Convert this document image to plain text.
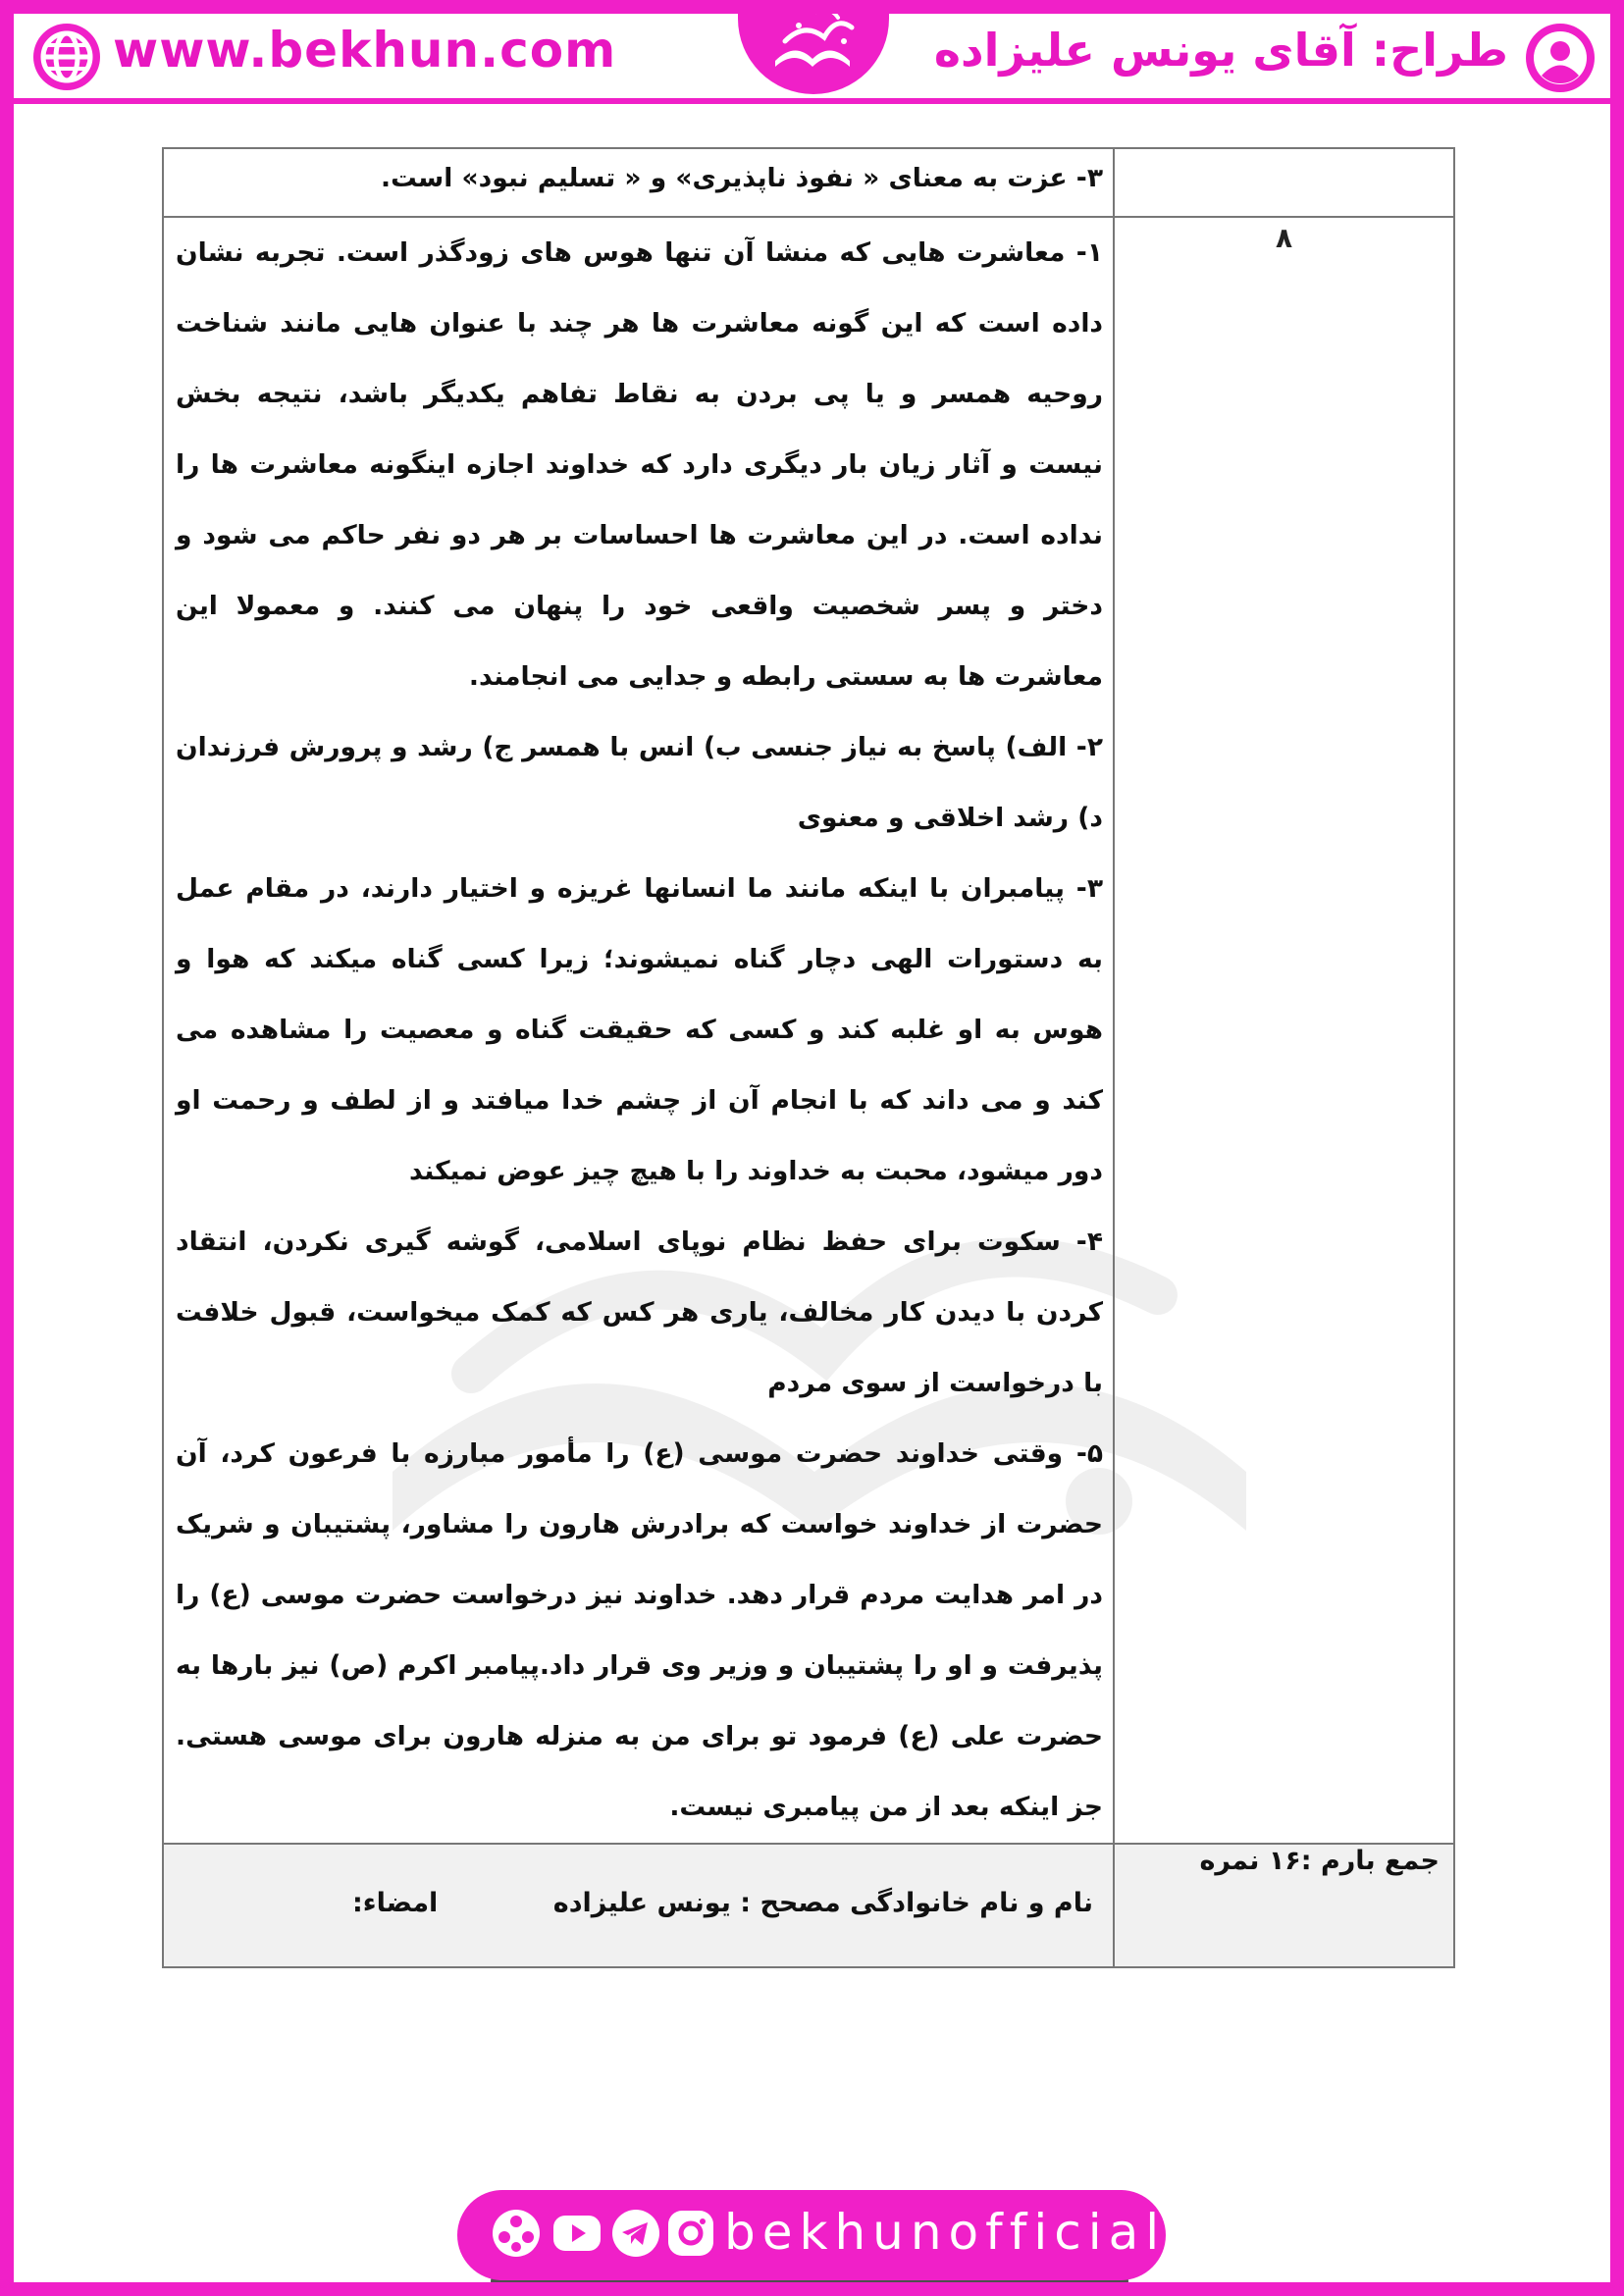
www.bekhun.com	طراح: آقای یونس علیزاده

	۳- عزت به معنای « نفوذ ناپذیری» و « تسلیم نبود» است.

۸	۱- معاشرت هایی که منشا آن تنها هوس های زودگذر است. تجربه نشان داده است که این گونه معاشرت ها هر چند با عنوان هایی مانند شناخت روحیه همسر و یا پی بردن به نقاط تفاهم یکدیگر باشد، نتیجه بخش نیست و آثار زیان بار دیگری دارد که خداوند اجازه اینگونه معاشرت ها را نداده است. در این معاشرت ها احساسات بر هر دو نفر حاکم می شود و دختر و پسر شخصیت واقعی خود را پنهان می کنند. و معمولا این معاشرت ها به سستی رابطه و جدایی می انجامند.

۲- الف) پاسخ به نیاز جنسی ب) انس با همسر ج) رشد و پرورش فرزندان د) رشد اخلاقی و معنوی

۳- پیامبران با اینکه مانند ما انسانها غریزه و اختیار دارند، در مقام عمل به دستورات الهی دچار گناه نمیشوند؛ زیرا کسی گناه میکند که هوا و هوس به او غلبه کند و کسی که حقیقت گناه و معصیت را مشاهده می کند و می داند که با انجام آن از چشم خدا میافتد و از لطف و رحمت او دور میشود، محبت به خداوند را با هیچ چیز عوض نمیکند

۴- سکوت برای حفظ نظام نوپای اسلامی، گوشه گیری نکردن، انتقاد کردن با دیدن کار مخالف، یاری هر کس که کمک میخواست، قبول خلافت با درخواست از سوی مردم

۵- وقتی خداوند حضرت موسی (ع) را مأمور مبارزه با فرعون کرد، آن حضرت از خداوند خواست که برادرش هارون را مشاور، پشتیبان و شریک در امر هدایت مردم قرار دهد. خداوند نیز درخواست حضرت موسی (ع) را پذیرفت و او را پشتیبان و وزیر وی قرار داد.پیامبر اکرم (ص) نیز بارها به حضرت علی (ع) فرمود تو برای من به منزله هارون برای موسی هستی. جز اینکه بعد از من پیامبری نیست.

جمع بارم :۱۶ نمره	نام و نام خانوادگی مصحح : یونس علیزاده
امضاء:
bekhunofficial
